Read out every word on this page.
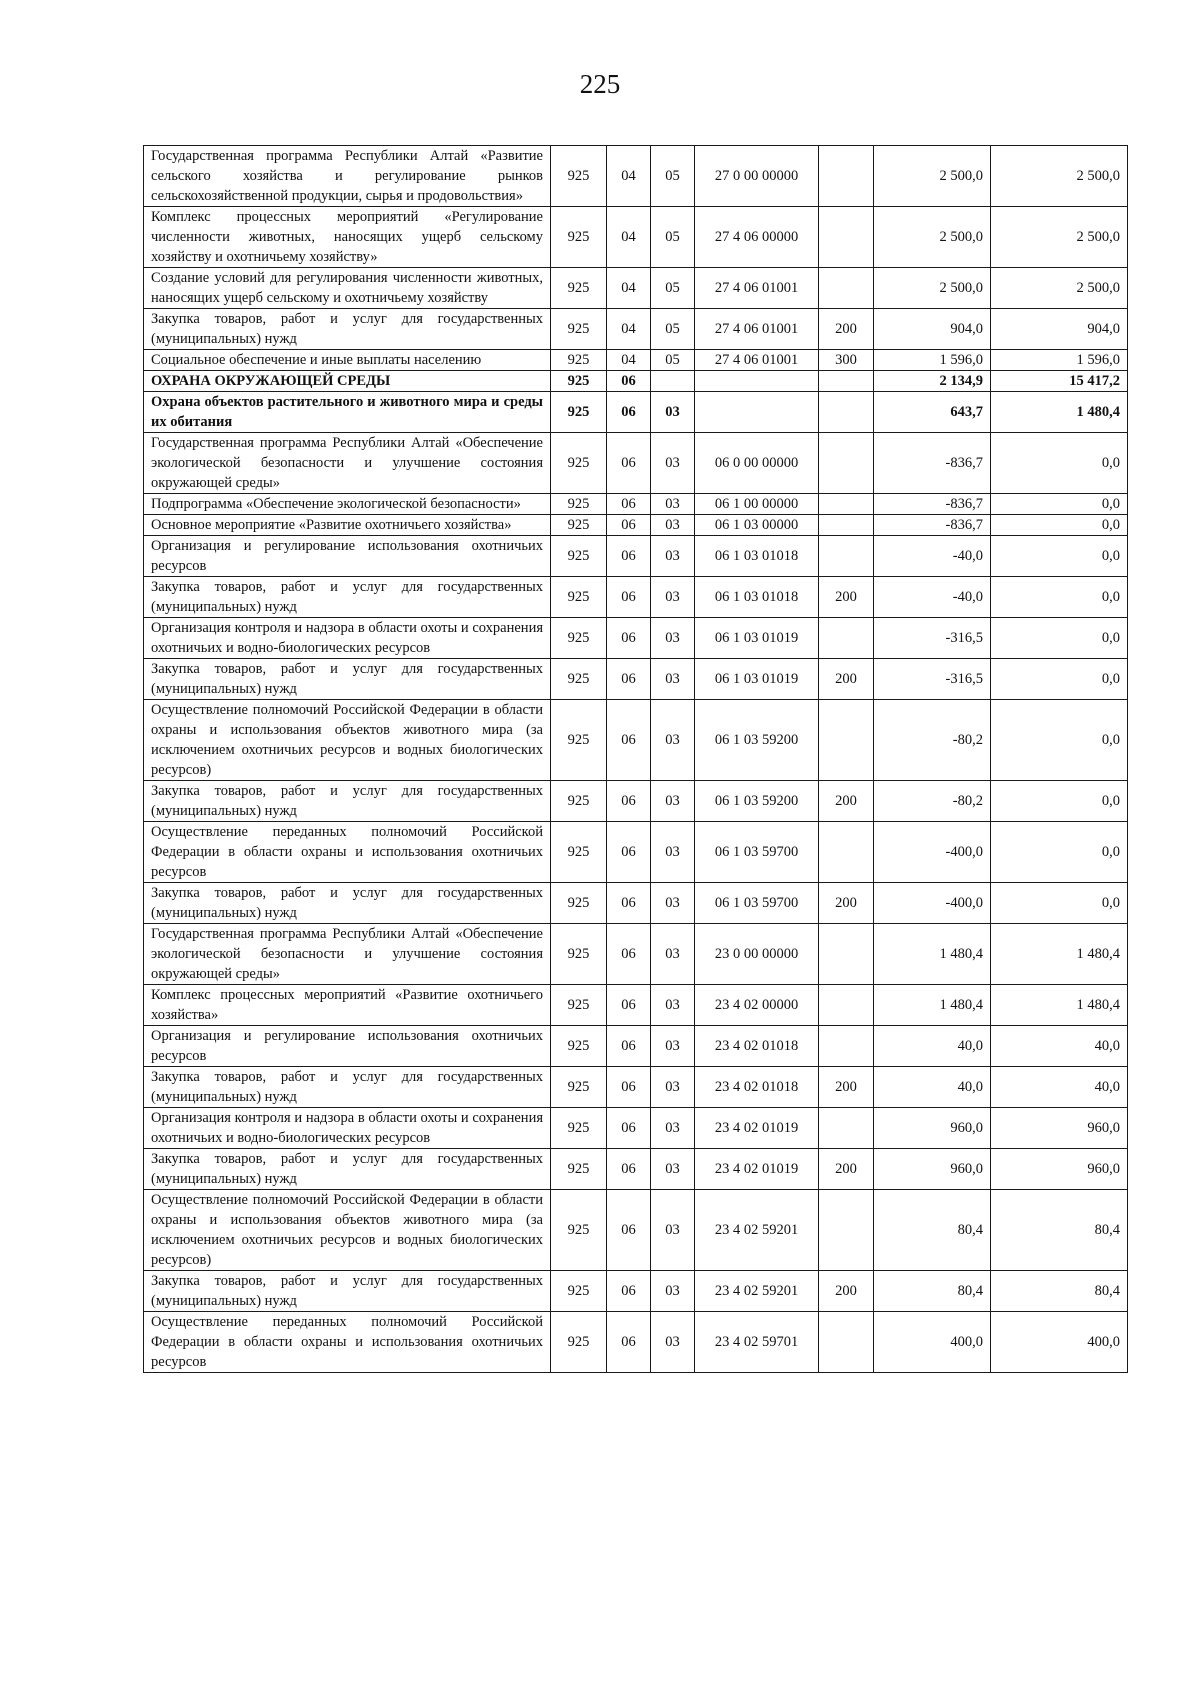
225
Государственная программа Республики Алтай «Развитие сельского хозяйства и регулирование рынков сельскохозяйственной продукции, сырья и продовольствия»	925	04	05	27 0 00 00000		2 500,0	2 500,0
Комплекс процессных мероприятий «Регулирование численности животных, наносящих ущерб сельскому хозяйству и охотничьему хозяйству»	925	04	05	27 4 06 00000		2 500,0	2 500,0
Создание условий для регулирования численности животных, наносящих ущерб сельскому и охотничьему хозяйству	925	04	05	27 4 06 01001		2 500,0	2 500,0
Закупка товаров, работ и услуг для государственных (муниципальных) нужд	925	04	05	27 4 06 01001	200	904,0	904,0
Социальное обеспечение и иные выплаты населению	925	04	05	27 4 06 01001	300	1 596,0	1 596,0
ОХРАНА ОКРУЖАЮЩЕЙ СРЕДЫ	925	06				2 134,9	15 417,2
Охрана объектов растительного и животного мира и среды их обитания	925	06	03			643,7	1 480,4
Государственная программа Республики Алтай «Обеспечение экологической безопасности и улучшение состояния окружающей среды»	925	06	03	06 0 00 00000		-836,7	0,0
Подпрограмма «Обеспечение экологической безопасности»	925	06	03	06 1 00 00000		-836,7	0,0
Основное мероприятие «Развитие охотничьего хозяйства»	925	06	03	06 1 03 00000		-836,7	0,0
Организация и регулирование использования охотничьих ресурсов	925	06	03	06 1 03 01018		-40,0	0,0
Закупка товаров, работ и услуг для государственных (муниципальных) нужд	925	06	03	06 1 03 01018	200	-40,0	0,0
Организация контроля и надзора в области охоты и сохранения охотничьих и водно-биологических ресурсов	925	06	03	06 1 03 01019		-316,5	0,0
Закупка товаров, работ и услуг для государственных (муниципальных) нужд	925	06	03	06 1 03 01019	200	-316,5	0,0
Осуществление полномочий Российской Федерации в области охраны и использования объектов животного мира (за исключением охотничьих ресурсов и водных биологических ресурсов)	925	06	03	06 1 03 59200		-80,2	0,0
Закупка товаров, работ и услуг для государственных (муниципальных) нужд	925	06	03	06 1 03 59200	200	-80,2	0,0
Осуществление переданных полномочий Российской Федерации в области охраны и использования охотничьих ресурсов	925	06	03	06 1 03 59700		-400,0	0,0
Закупка товаров, работ и услуг для государственных (муниципальных) нужд	925	06	03	06 1 03 59700	200	-400,0	0,0
Государственная программа Республики Алтай «Обеспечение экологической безопасности и улучшение состояния окружающей среды»	925	06	03	23 0 00 00000		1 480,4	1 480,4
Комплекс процессных мероприятий «Развитие охотничьего хозяйства»	925	06	03	23 4 02 00000		1 480,4	1 480,4
Организация и регулирование использования охотничьих ресурсов	925	06	03	23 4 02 01018		40,0	40,0
Закупка товаров, работ и услуг для государственных (муниципальных) нужд	925	06	03	23 4 02 01018	200	40,0	40,0
Организация контроля и надзора в области охоты и сохранения охотничьих и водно-биологических ресурсов	925	06	03	23 4 02 01019		960,0	960,0
Закупка товаров, работ и услуг для государственных (муниципальных) нужд	925	06	03	23 4 02 01019	200	960,0	960,0
Осуществление полномочий Российской Федерации в области охраны и использования объектов животного мира (за исключением охотничьих ресурсов и водных биологических ресурсов)	925	06	03	23 4 02 59201		80,4	80,4
Закупка товаров, работ и услуг для государственных (муниципальных) нужд	925	06	03	23 4 02 59201	200	80,4	80,4
Осуществление переданных полномочий Российской Федерации в области охраны и использования охотничьих ресурсов	925	06	03	23 4 02 59701		400,0	400,0
